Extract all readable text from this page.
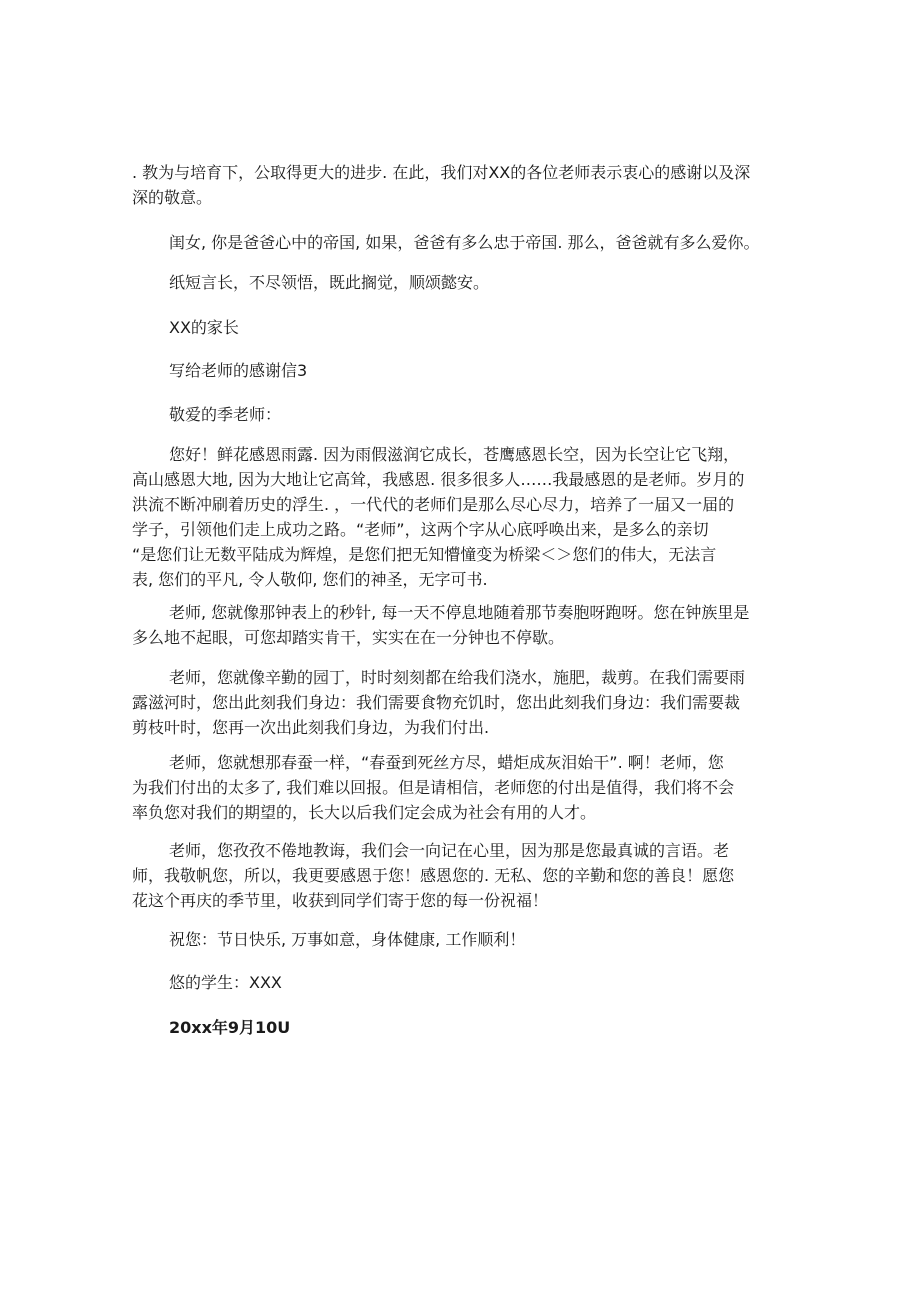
. 教为与培育下，公取得更大的进步. 在此，我们对XX的各位老师表示衷心的感谢以及深
深的敬意。
闺女, 你是爸爸心中的帝国, 如果，爸爸有多么忠于帝国. 那么，爸爸就有多么爱你。
纸短言长，不尽领悟，既此搁觉，顺颂懿安。
XX的家长
写给老师的感谢信3
敬爱的季老师：
您好！鲜花感恩雨露. 因为雨假滋润它成长，苍鹰感恩长空，因为长空让它飞翔，
高山感恩大地, 因为大地让它高耸，我感恩. 很多很多人……我最感恩的是老师。岁月的
洪流不断冲刷着历史的浮生. ，一代代的老师们是那么尽心尽力，培养了一届又一届的
学子，引领他们走上成功之路。“老师”，这两个字从心底呼唤出来，是多么的亲切
“是您们让无数平陆成为辉煌，是您们把无知懵憧变为桥梁＜＞您们的伟大，无法言
表, 您们的平凡, 令人敬仰, 您们的神圣，无字可书.
老师, 您就像那钟表上的秒针, 每一天不停息地随着那节奏胞呀跑呀。您在钟族里是
多么地不起眼，可您却踏实肯干，实实在在一分钟也不停歇。
老师，您就像辛勤的园丁，时时刻刻都在给我们浇水，施肥，裁剪。在我们需要雨
露滋河时，您出此刻我们身边：我们需要食物充饥时，您出此刻我们身边：我们需要裁
剪枝叶时，您再一次出此刻我们身边，为我们付出.
老师，您就想那春蚕一样，“春蚕到死丝方尽，蜡炬成灰泪始干”. 啊！老师，您
为我们付出的太多了, 我们难以回报。但是请相信，老师您的付出是值得，我们将不会
率负您对我们的期望的，长大以后我们定会成为社会有用的人才。
老师，您孜孜不倦地教诲，我们会一向记在心里，因为那是您最真诚的言语。老
师，我敬帆您，所以，我更要感恩于您！感恩您的. 无私、您的辛勤和您的善良！愿您
花这个再庆的季节里，收获到同学们寄于您的每一份祝福！
祝您：节日快乐, 万事如意，身体健康, 工作顺利！
悠的学生：XXX
20xx年9月10U
